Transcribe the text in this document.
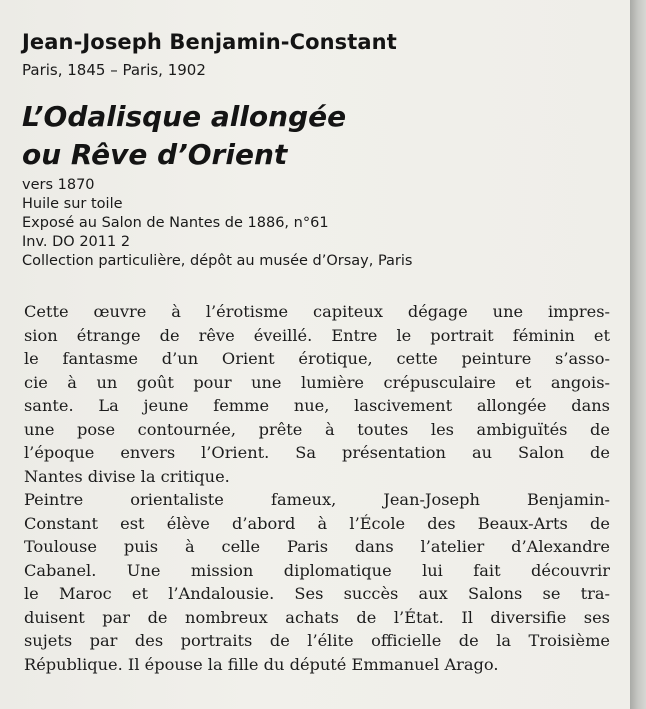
Jean-Joseph Benjamin-Constant
Paris, 1845 – Paris, 1902
L’Odalisque allongée
ou Rêve d’Orient
vers 1870
Huile sur toile
Exposé au Salon de Nantes de 1886, n°61
Inv. DO 2011 2
Collection particulière, dépôt au musée d’Orsay, Paris
Cette œuvre à l’érotisme capiteux dégage une impres-
sion étrange de rêve éveillé. Entre le portrait féminin et
le fantasme d’un Orient érotique, cette peinture s’asso-
cie à un goût pour une lumière crépusculaire et angois-
sante. La jeune femme nue, lascivement allongée dans
une pose contournée, prête à toutes les ambiguïtés de
l’époque envers l’Orient. Sa présentation au Salon de
Nantes divise la critique.
Peintre orientaliste fameux, Jean-Joseph Benjamin-
Constant est élève d’abord à l’École des Beaux-Arts de
Toulouse puis à celle Paris dans l’atelier d’Alexandre
Cabanel. Une mission diplomatique lui fait découvrir
le Maroc et l’Andalousie. Ses succès aux Salons se tra-
duisent par de nombreux achats de l’État. Il diversifie ses
sujets par des portraits de l’élite officielle de la Troisième
République. Il épouse la fille du député Emmanuel Arago.
